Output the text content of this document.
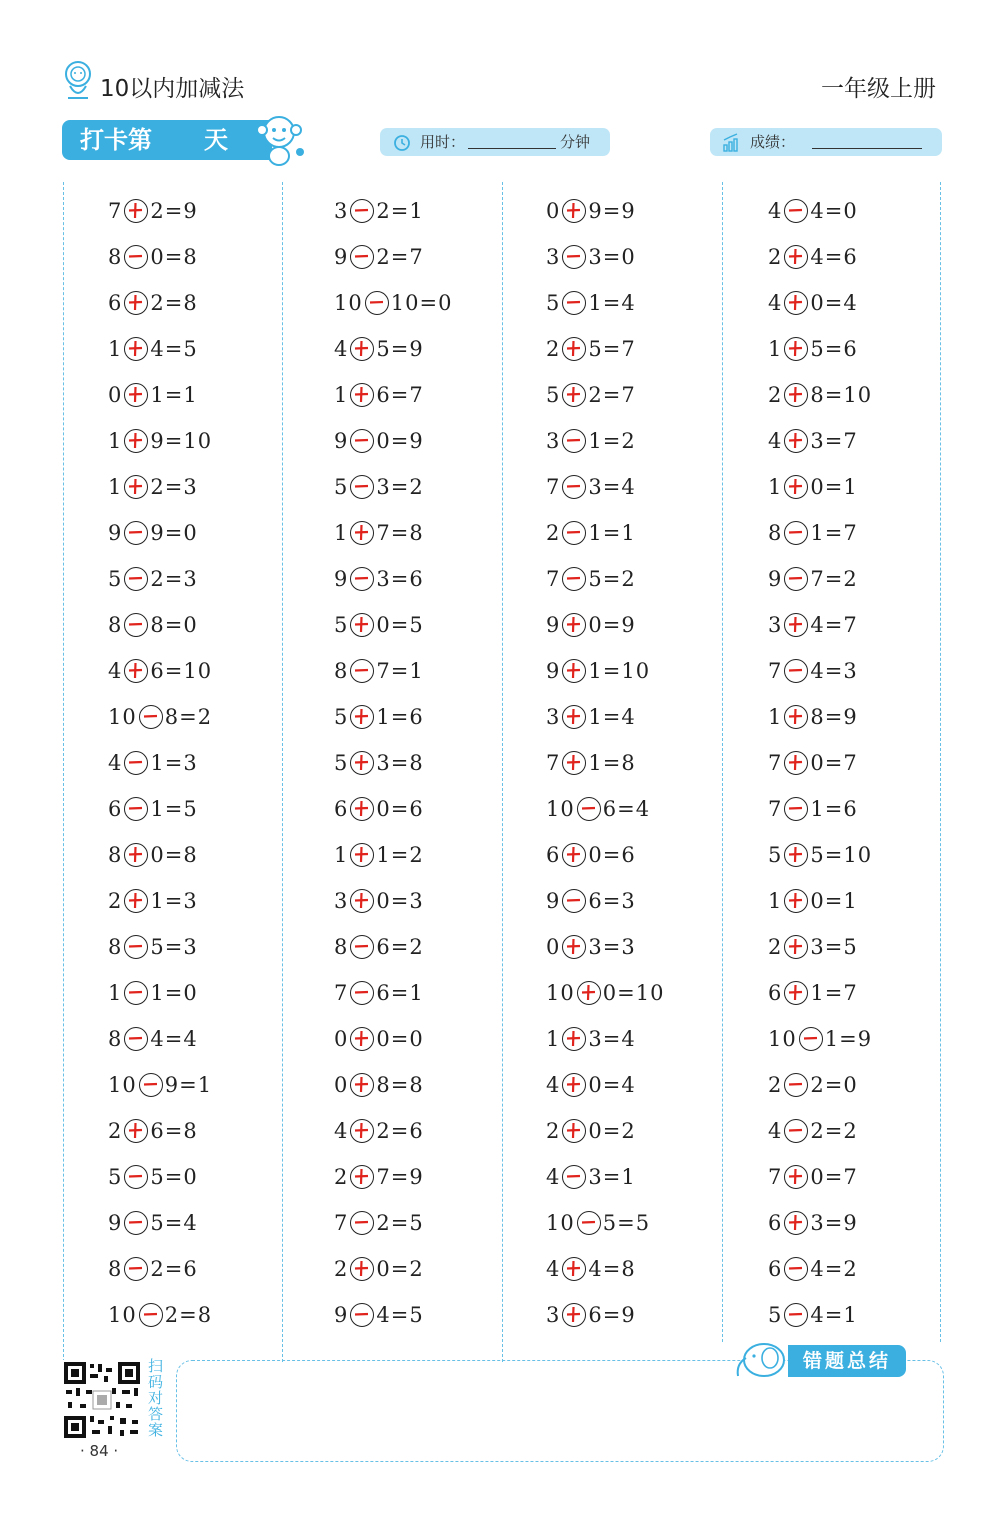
10以内加减法	一年级上册
打卡第 天	用时：	分钟	成绩：
7 2 =9
8 0 =8
6 2 =8
1 4 =5
0 1 =1
1 9 =10
1 2 =3
9 9 =0
5 2 =3
8 8 =0
4 6 =10
10 8 =2
4 1 =3
6 1 =5
8 0 =8
2 1 =3
8 5 =3
1 1 =0
8 4 =4
10 9 =1
2 6 =8
5 5 =0
9 5 =4
8 2 =6
10 2 =8
3 2 =1
9 2 =7
10 10 =0
4 5 =9
1 6 =7
9 0 =9
5 3 =2
1 7 =8
9 3 =6
5 0 =5
8 7 =1
5 1 =6
5 3 =8
6 0 =6
1 1 =2
3 0 =3
8 6 =2
7 6 =1
0 0 =0
0 8 =8
4 2 =6
2 7 =9
7 2 =5
2 0 =2
9 4 =5
0 9 =9
3 3 =0
5 1 =4
2 5 =7
5 2 =7
3 1 =2
7 3 =4
2 1 =1
7 5 =2
9 0 =9
9 1 =10
3 1 =4
7 1 =8
10 6 =4
6 0 =6
9 6 =3
0 3 =3
10 0 =10
1 3 =4
4 0 =4
2 0 =2
4 3 =1
10 5 =5
4 4 =8
3 6 =9
4 4 =0
2 4 =6
4 0 =4
1 5 =6
2 8 =10
4 3 =7
1 0 =1
8 1 =7
9 7 =2
3 4 =7
7 4 =3
1 8 =9
7 0 =7
7 1 =6
5 5 =10
1 0 =1
2 3 =5
6 1 =7
10 1 =9
2 2 =0
4 2 =2
7 0 =7
6 3 =9
6 4 =2
5 4 =1
错题总结
扫码对答案
· 84 ·
